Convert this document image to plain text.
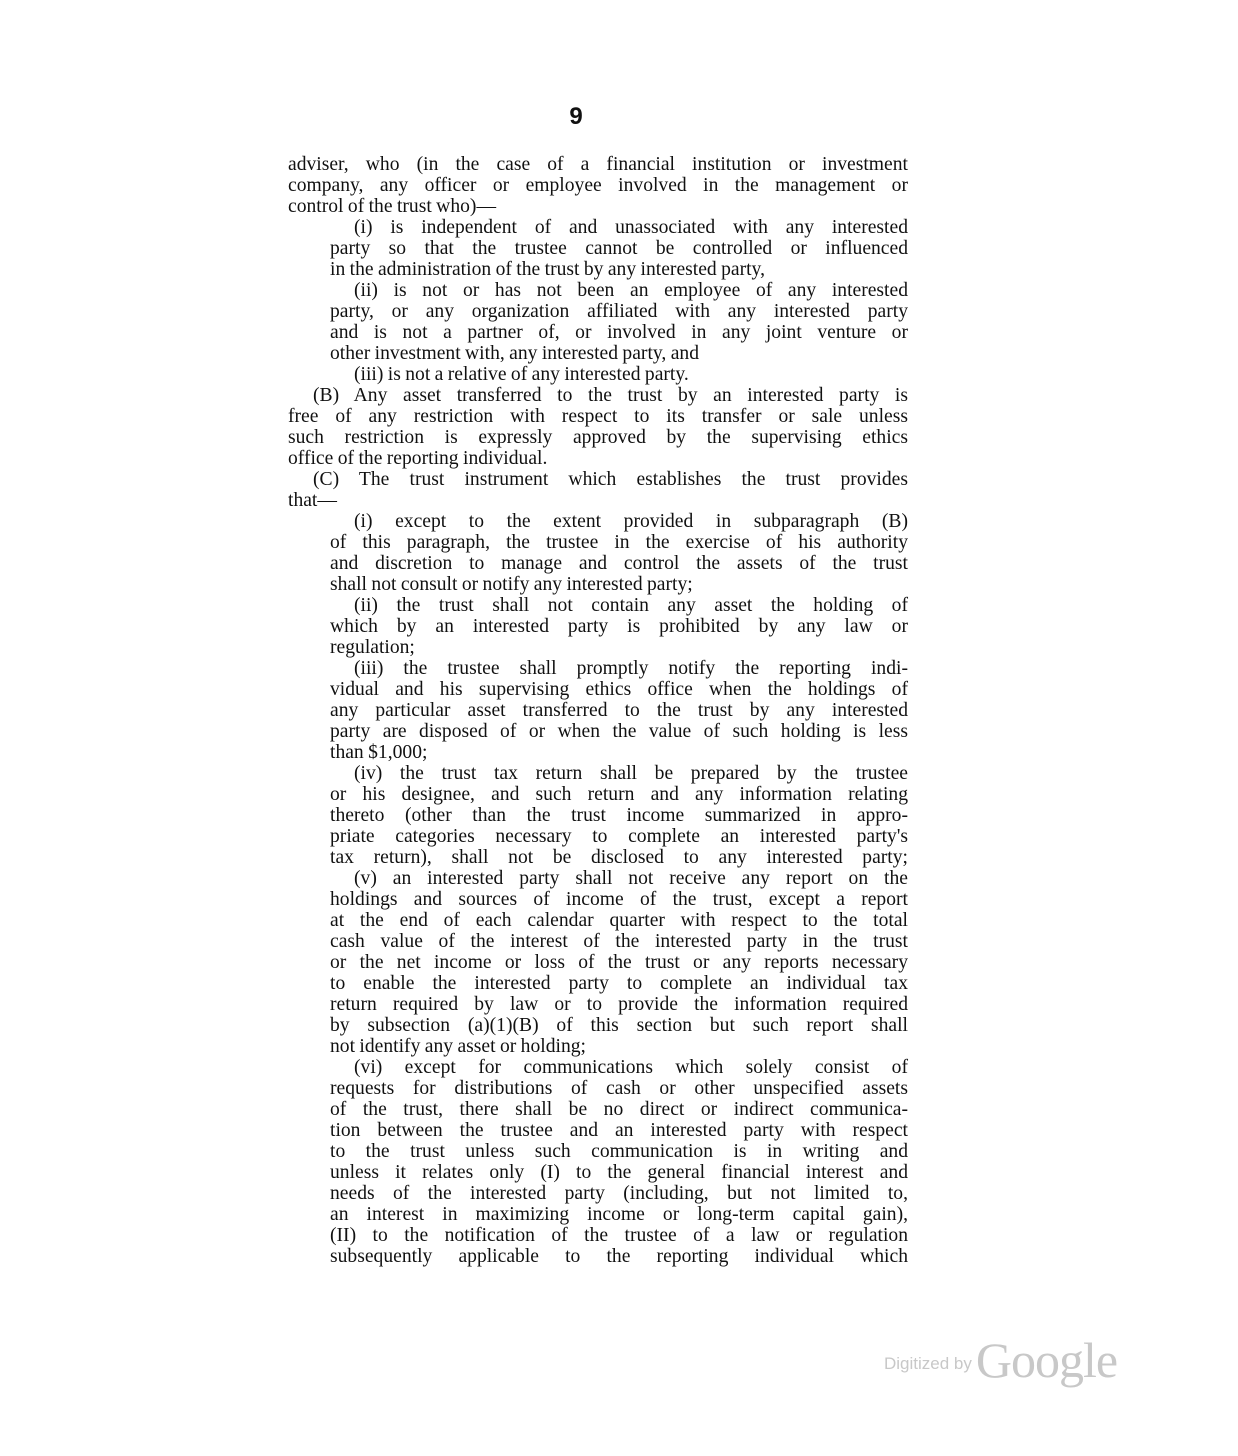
9
adviser, who (in the case of a financial institution or investment
company, any officer or employee involved in the management or
control of the trust who)—
(i) is independent of and unassociated with any interested
party so that the trustee cannot be controlled or influenced
in the administration of the trust by any interested party,
(ii) is not or has not been an employee of any interested
party, or any organization affiliated with any interested party
and is not a partner of, or involved in any joint venture or
other investment with, any interested party, and
(iii) is not a relative of any interested party.
(B) Any asset transferred to the trust by an interested party is
free of any restriction with respect to its transfer or sale unless
such restriction is expressly approved by the supervising ethics
office of the reporting individual.
(C) The trust instrument which establishes the trust provides
that—
(i) except to the extent provided in subparagraph (B)
of this paragraph, the trustee in the exercise of his authority
and discretion to manage and control the assets of the trust
shall not consult or notify any interested party;
(ii) the trust shall not contain any asset the holding of
which by an interested party is prohibited by any law or
regulation;
(iii) the trustee shall promptly notify the reporting indi-
vidual and his supervising ethics office when the holdings of
any particular asset transferred to the trust by any interested
party are disposed of or when the value of such holding is less
than $1,000;
(iv) the trust tax return shall be prepared by the trustee
or his designee, and such return and any information relating
thereto (other than the trust income summarized in appro-
priate categories necessary to complete an interested party's
tax return), shall not be disclosed to any interested party;
(v) an interested party shall not receive any report on the
holdings and sources of income of the trust, except a report
at the end of each calendar quarter with respect to the total
cash value of the interest of the interested party in the trust
or the net income or loss of the trust or any reports necessary
to enable the interested party to complete an individual tax
return required by law or to provide the information required
by subsection (a)(1)(B) of this section but such report shall
not identify any asset or holding;
(vi) except for communications which solely consist of
requests for distributions of cash or other unspecified assets
of the trust, there shall be no direct or indirect communica-
tion between the trustee and an interested party with respect
to the trust unless such communication is in writing and
unless it relates only (I) to the general financial interest and
needs of the interested party (including, but not limited to,
an interest in maximizing income or long-term capital gain),
(II) to the notification of the trustee of a law or regulation
subsequently applicable to the reporting individual which
Digitized by Google
